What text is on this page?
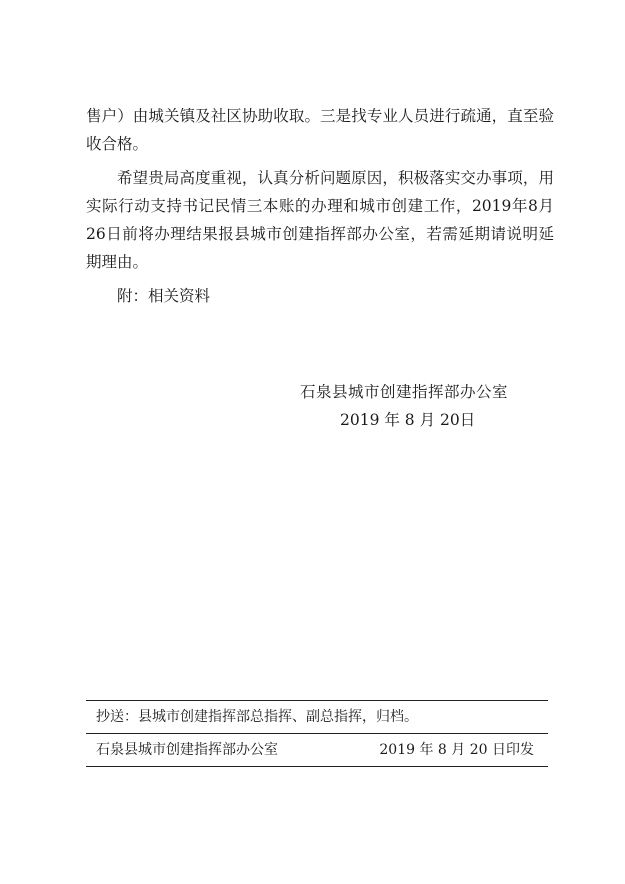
售户）由城关镇及社区协助收取。三是找专业人员进行疏通，直至验收合格。

希望贵局高度重视，认真分析问题原因，积极落实交办事项，用实际行动支持书记民情三本账的办理和城市创建工作，2019年8月26日前将办理结果报县城市创建指挥部办公室，若需延期请说明延期理由。

附：相关资料

石泉县城市创建指挥部办公室
2019 年 8 月 20日
抄送：县城市创建指挥部总指挥、副总指挥，归档。
石泉县城市创建指挥部办公室	2019 年 8 月 20 日印发
